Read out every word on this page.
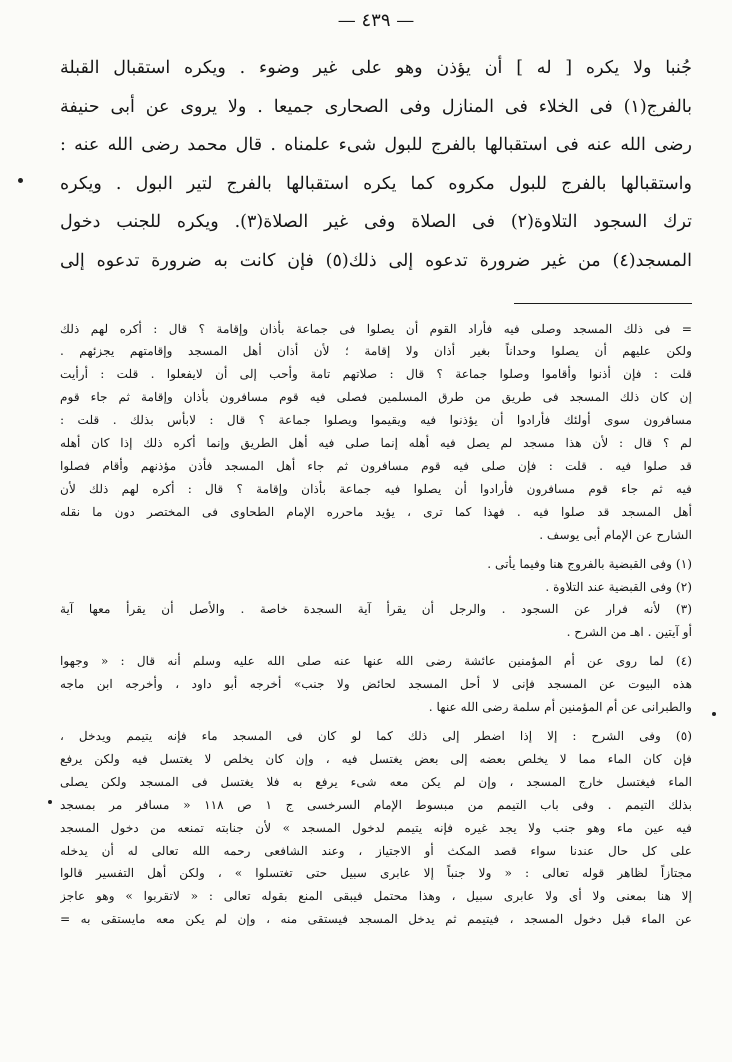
— ٤٣٩ —
جُنبا ولا يكره [ له ] أن يؤذن وهو على غير وضوء . ويكره استقبال القبلة
بالفرج(١) فى الخلاء فى المنازل وفى الصحارى جميعا . ولا يروى عن أبى حنيفة
رضى الله عنه فى استقبالها بالفرج للبول شىء علمناه . قال محمد رضى الله عنه :
واستقبالها بالفرج للبول مكروه كما يكره استقبالها بالفرج لتير البول . ويكره
ترك السجود التلاوة(٢) فى الصلاة وفى غير الصلاة(٣). ويكره للجنب دخول
المسجد(٤) من غير ضرورة تدعوه إلى ذلك(٥) فإن كانت به ضرورة تدعوه إلى
= فى ذلك المسجد وصلى فيه فأراد القوم أن يصلوا فى جماعة بأذان وإقامة ؟ قال : أكره لهم ذلك
ولكن عليهم أن يصلوا وحداناً بغير أذان ولا إقامة ؛ لأن أذان أهل المسجد وإقامتهم يجزئهم .
قلت : فإن أذنوا وأقاموا وصلوا جماعة ؟ قال : صلاتهم تامة وأحب إلى أن لايفعلوا . قلت : أرأيت
إن كان ذلك المسجد فى طريق من طرق المسلمين فصلى فيه قوم مسافرون بأذان وإقامة ثم جاء قوم
مسافرون سوى أولئك فأرادوا أن يؤذنوا فيه ويقيموا ويصلوا جماعة ؟ قال : لابأس بذلك . قلت :
لم ؟ قال : لأن هذا مسجد لم يصل فيه أهله إنما صلى فيه أهل الطريق وإنما أكره ذلك إذا كان أهله
قد صلوا فيه . قلت : فإن صلى فيه قوم مسافرون ثم جاء أهل المسجد فأذن مؤذنهم وأقام فصلوا
فيه ثم جاء قوم مسافرون فأرادوا أن يصلوا فيه جماعة بأذان وإقامة ؟ قال : أكره لهم ذلك لأن
أهل المسجد قد صلوا فيه . فهذا كما ترى ، يؤيد ماحرره الإمام الطحاوى فى المختصر دون ما نقله
الشارح عن الإمام أبى يوسف .
(١) وفى القبضية بالفروج هنا وفيما يأتى .
(٢) وفى القبضية عند التلاوة .
(٣) لأنه فرار عن السجود . والرجل أن يقرأ آية السجدة خاصة . والأصل أن يقرأ معها آية
أو آيتين . اهـ من الشرح .
(٤) لما روى عن أم المؤمنين عائشة رضى الله عنها عنه صلى الله عليه وسلم أنه قال : « وجهوا
هذه البيوت عن المسجد فإنى لا أحل المسجد لحائض ولا جنب» أخرجه أبو داود ، وأخرجه ابن ماجه
والطبرانى عن أم المؤمنين أم سلمة رضى الله عنها .
(٥) وفى الشرح : إلا إذا اضطر إلى ذلك كما لو كان فى المسجد ماء فإنه يتيمم ويدخل ،
فإن كان الماء مما لا يخلص بعضه إلى بعض يغتسل فيه ، وإن كان يخلص لا يغتسل فيه ولكن يرفع
الماء فيغتسل خارج المسجد ، وإن لم يكن معه شىء يرفع به فلا يغتسل فى المسجد ولكن يصلى
بذلك التيمم . وفى باب التيمم من مبسوط الإمام السرخسى ج ١ ص ١١٨ « مسافر مر بمسجد
فيه عين ماء وهو جنب ولا يجد غيره فإنه يتيمم لدخول المسجد » لأن جنابته تمنعه من دخول المسجد
على كل حال عندنا سواء قصد المكث أو الاجتياز ، وعند الشافعى رحمه الله تعالى له أن يدخله
مجتازاً لظاهر قوله تعالى : « ولا جنباً إلا عابرى سبيل حتى تغتسلوا » ، ولكن أهل التفسير قالوا
إلا هنا بمعنى ولا أى ولا عابرى سبيل ، وهذا محتمل فيبقى المنع بقوله تعالى : « لاتقربوا » وهو عاجز
عن الماء قبل دخول المسجد ، فيتيمم ثم يدخل المسجد فيستقى منه ، وإن لم يكن معه مايستقى به =
